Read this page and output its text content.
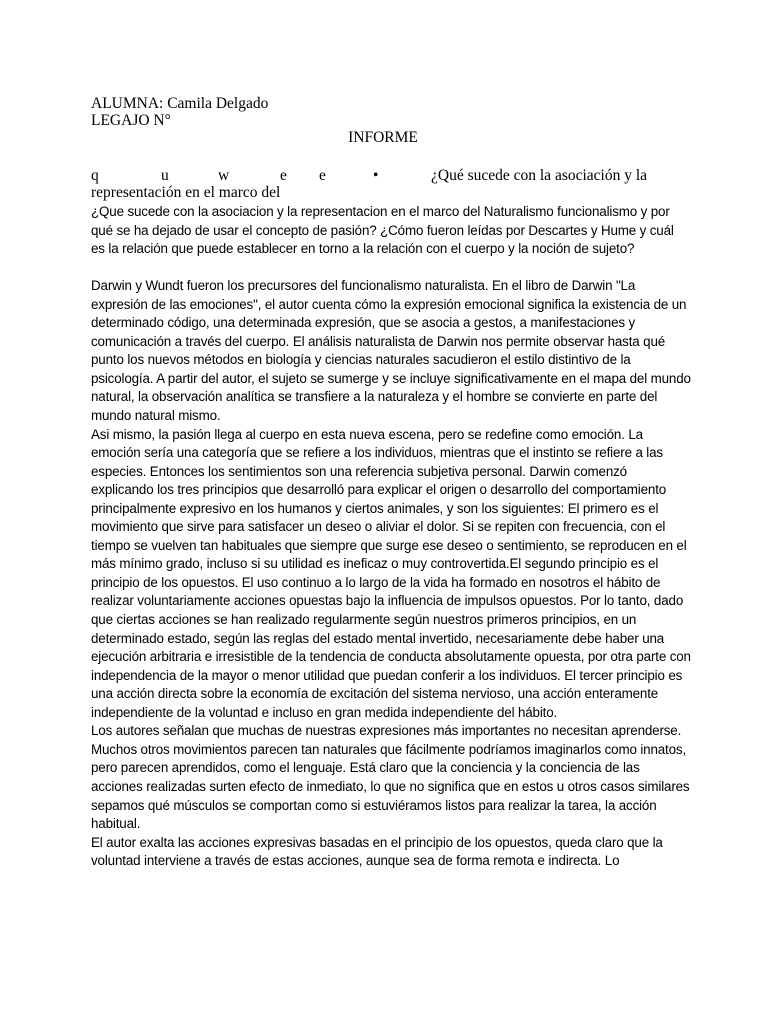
ALUMNA: Camila Delgado
LEGAJO N°
INFORME
q	u	w	e e	•	¿Qué sucede con la asociación y la
representación en el marco del

¿Que sucede con la asociacion y la representacion en el marco del Naturalismo funcionalismo y por qué se ha dejado de usar el concepto de pasión? ¿Cómo fueron leídas por Descartes y Hume y cuál es la relación que puede establecer en torno a la relación con el cuerpo y la noción de sujeto?

Darwin y Wundt fueron los precursores del funcionalismo naturalista. En el libro de Darwin "La expresión de las emociones", el autor cuenta cómo la expresión emocional significa la existencia de un determinado código, una determinada expresión, que se asocia a gestos, a manifestaciones y comunicación a través del cuerpo. El análisis naturalista de Darwin nos permite observar hasta qué punto los nuevos métodos en biología y ciencias naturales sacudieron el estilo distintivo de la psicología. A partir del autor, el sujeto se sumerge y se incluye significativamente en el mapa del mundo natural, la observación analítica se transfiere a la naturaleza y el hombre se convierte en parte del mundo natural mismo.

Asi mismo, la pasión llega al cuerpo en esta nueva escena, pero se redefine como emoción. La emoción sería una categoría que se refiere a los individuos, mientras que el instinto se refiere a las especies. Entonces los sentimientos son una referencia subjetiva personal. Darwin comenzó explicando los tres principios que desarrolló para explicar el origen o desarrollo del comportamiento principalmente expresivo en los humanos y ciertos animales, y son los siguientes: El primero es el movimiento que sirve para satisfacer un deseo o aliviar el dolor. Si se repiten con frecuencia, con el tiempo se vuelven tan habituales que siempre que surge ese deseo o sentimiento, se reproducen en el más mínimo grado, incluso si su utilidad es ineficaz o muy controvertida.El segundo principio es el principio de los opuestos. El uso continuo a lo largo de la vida ha formado en nosotros el hábito de realizar voluntariamente acciones opuestas bajo la influencia de impulsos opuestos. Por lo tanto, dado que ciertas acciones se han realizado regularmente según nuestros primeros principios, en un determinado estado, según las reglas del estado mental invertido, necesariamente debe haber una ejecución arbitraria e irresistible de la tendencia de conducta absolutamente opuesta, por otra parte con independencia de la mayor o menor utilidad que puedan conferir a los individuos. El tercer principio es una acción directa sobre la economía de excitación del sistema nervioso, una acción enteramente independiente de la voluntad e incluso en gran medida independiente del hábito.

Los autores señalan que muchas de nuestras expresiones más importantes no necesitan aprenderse. Muchos otros movimientos parecen tan naturales que fácilmente podríamos imaginarlos como innatos, pero parecen aprendidos, como el lenguaje. Está claro que la conciencia y la conciencia de las acciones realizadas surten efecto de inmediato, lo que no significa que en estos u otros casos similares sepamos qué músculos se comportan como si estuviéramos listos para realizar la tarea, la acción habitual.

El autor exalta las acciones expresivas basadas en el principio de los opuestos, queda claro que la voluntad interviene a través de estas acciones, aunque sea de forma remota e indirecta. Lo
